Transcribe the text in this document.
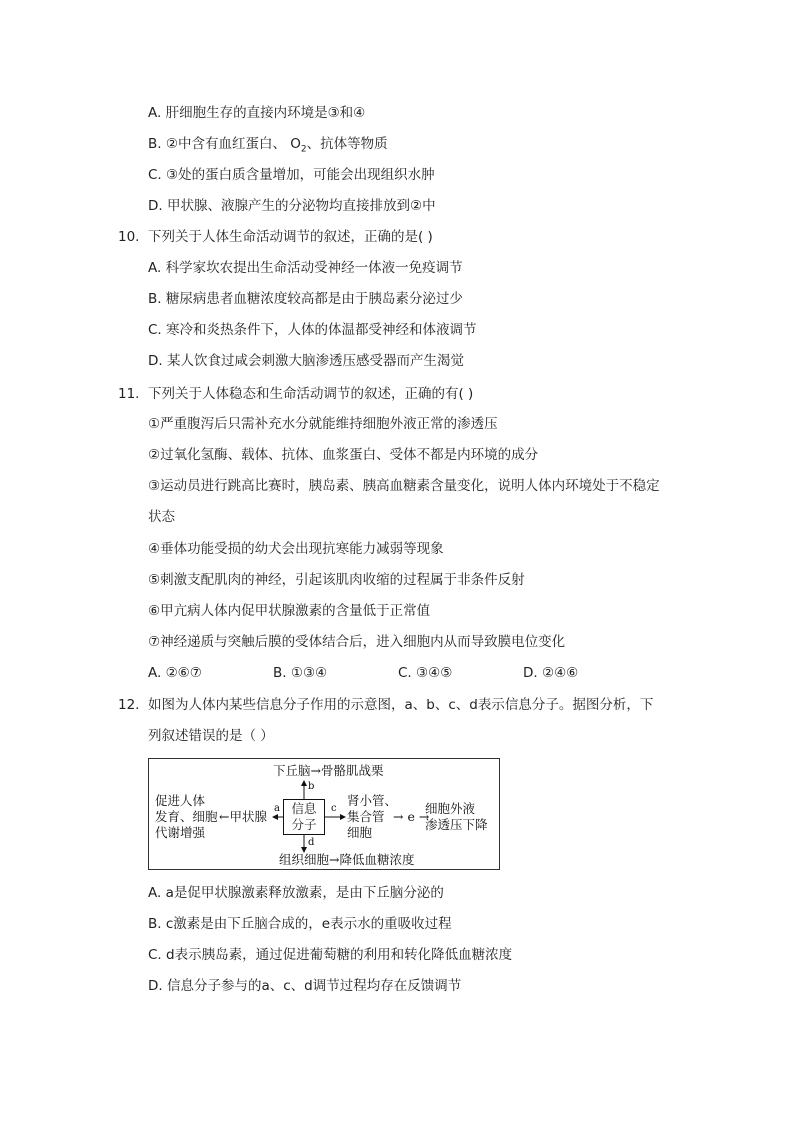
A. 肝细胞生存的直接内环境是③和④
B. ②中含有血红蛋白、 $O_2$、抗体等物质
C. ③处的蛋白质含量增加，可能会出现组织水肿
D. 甲状腺、液腺产生的分泌物均直接排放到②中
10. 下列关于人体生命活动调节的叙述，正确的是( )
A. 科学家坎农提出生命活动受神经一体液一免疫调节
B. 糖尿病患者血糖浓度较高都是由于胰岛素分泌过少
C. 寒冷和炎热条件下，人体的体温都受神经和体液调节
D. 某人饮食过咸会刺激大脑渗透压感受器而产生渴觉
11. 下列关于人体稳态和生命活动调节的叙述，正确的有( )
①严重腹泻后只需补充水分就能维持细胞外液正常的渗透压
②过氧化氢酶、载体、抗体、血浆蛋白、受体不都是内环境的成分
③运动员进行跳高比赛时，胰岛素、胰高血糖素含量变化，说明人体内环境处于不稳定
状态
④垂体功能受损的幼犬会出现抗寒能力减弱等现象
⑤刺激支配肌肉的神经，引起该肌肉收缩的过程属于非条件反射
⑥甲亢病人体内促甲状腺激素的含量低于正常值
⑦神经递质与突触后膜的受体结合后，进入细胞内从而导致膜电位变化
A. ②⑥⑦	B. ①③④	C. ③④⑤	D. ②④⑥
12. 如图为人体内某些信息分子作用的示意图，a、b、c、d表示信息分子。据图分析，下
列叙述错误的是（ ）
下丘脑→骨骼肌战栗
b
信息
分子
促进人体
发育、细胞
代谢增强
←甲状腺
a	c
肾小管、
集合管
细胞
→ e →
细胞外液
渗透压下降
d
组织细胞→降低血糖浓度
A. a是促甲状腺激素释放激素，是由下丘脑分泌的
B. c激素是由下丘脑合成的，e表示水的重吸收过程
C. d表示胰岛素，通过促进葡萄糖的利用和转化降低血糖浓度
D. 信息分子参与的a、c、d调节过程均存在反馈调节
